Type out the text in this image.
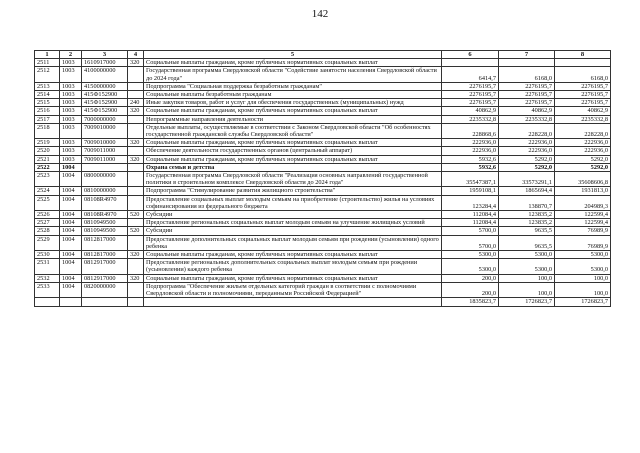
142
1	2	3	4	5	6	7	8
2511	1003	1610917000	320	Социальные выплаты гражданам, кроме публичных нормативных социальных выплат			
2512	1003	4100000000		Государственная программа Свердловской области "Содействие занятости населения Свердловской области до 2024 года"	6414,7	6168,0	6168,0
2513	1003	4150000000		Подпрограмма "Социальная поддержка безработным гражданам"	2276195,7	2276195,7	2276195,7
2514	1003	415Ф152900		Социальные выплаты безработным гражданам	2276195,7	2276195,7	2276195,7
2515	1003	415Ф152900	240	Иные закупки товаров, работ и услуг для обеспечения государственных (муниципальных) нужд	2276195,7	2276195,7	2276195,7
2516	1003	415Ф152900	320	Социальные выплаты гражданам, кроме публичных нормативных социальных выплат	40862,9	40862,9	40862,9
2517	1003	7000000000		Непрограммные направления деятельности	2235332,8	2235332,8	2235332,8
2518	1003	7009010000		Отдельные выплаты, осуществляемые в соответствии с Законом Свердловской области "Об особенностях государственной гражданской службы Свердловской области"	228868,6	228228,0	228228,0
2519	1003	7009010000	320	Социальные выплаты гражданам, кроме публичных нормативных социальных выплат	222936,0	222936,0	222936,0
2520	1003	7009011000		Обеспечение деятельности государственных органов (центральный аппарат)	222936,0	222936,0	222936,0
2521	1003	7009011000	320	Социальные выплаты гражданам, кроме публичных нормативных социальных выплат	5932,6	5292,0	5292,0
2522	1004			Охрана семьи и детства	5932,6	5292,0	5292,0
2523	1004	0800000000		Государственная программа Свердловской области "Реализация основных направлений государственной политики в строительном комплексе Свердловской области до 2024 года"	35547387,1	33573291,1	35608606,8
2524	1004	0810000000		Подпрограмма "Стимулирование развития жилищного строительства"	1959108,1	1865694,4	1931813,0
2525	1004	08108R4970		Предоставление социальных выплат молодым семьям на приобретение (строительство) жилья на условиях софинансирования из федерального бюджета	123284,4	138870,7	204989,3
2526	1004	08108R4970	520	Субсидии	112084,4	123835,2	122599,4
2527	1004	0810949500		Предоставление региональных социальных выплат молодым семьям на улучшение жилищных условий	112084,4	123835,2	122599,4
2528	1004	0810949500	520	Субсидии	5700,0	9635,5	76989,9
2529	1004	0812817000		Предоставление дополнительных социальных выплат молодым семьям при рождении (усыновлении) одного ребенка	5700,0	9635,5	76989,9
2530	1004	0812817000	320	Социальные выплаты гражданам, кроме публичных нормативных социальных выплат	5300,0	5300,0	5300,0
2531	1004	0812917000		Предоставление региональных дополнительных социальных выплат молодым семьям при рождении (усыновлении) каждого ребенка	5300,0	5300,0	5300,0
2532	1004	0812917000	320	Социальные выплаты гражданам, кроме публичных нормативных социальных выплат	200,0	100,0	100,0
2533	1004	0820000000		Подпрограмма "Обеспечение жильем отдельных категорий граждан в соответствии с полномочиями Свердловской области и полномочиями, переданными Российской Федерацией"	200,0	100,0	100,0
					1835823,7	1726823,7	1726823,7
